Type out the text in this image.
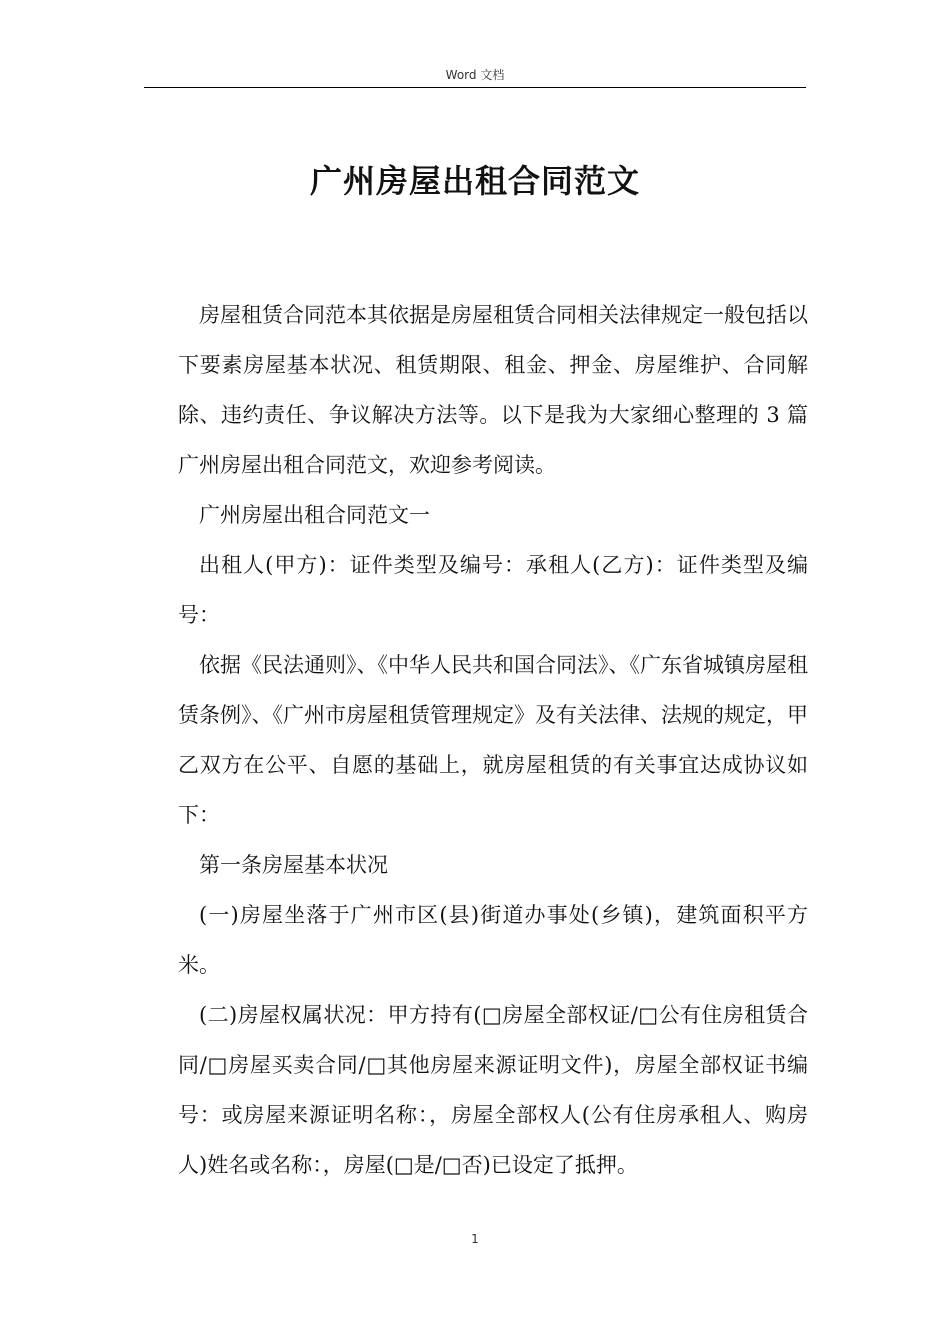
Word 文档
广州房屋出租合同范文

房屋租赁合同范本其依据是房屋租赁合同相关法律规定一般包括以下要素房屋基本状况、租赁期限、租金、押金、房屋维护、合同解除、违约责任、争议解决方法等。以下是我为大家细心整理的 3 篇广州房屋出租合同范文，欢迎参考阅读。

广州房屋出租合同范文一

出租人(甲方)：证件类型及编号：承租人(乙方)：证件类型及编号：

依据《民法通则》、《中华人民共和国合同法》、《广东省城镇房屋租赁条例》、《广州市房屋租赁管理规定》及有关法律、法规的规定，甲乙双方在公平、自愿的基础上，就房屋租赁的有关事宜达成协议如下：

第一条房屋基本状况

(一)房屋坐落于广州市区(县)街道办事处(乡镇)，建筑面积平方米。

(二)房屋权属状况：甲方持有(□房屋全部权证/□公有住房租赁合同/□房屋买卖合同/□其他房屋来源证明文件)，房屋全部权证书编号：或房屋来源证明名称：，房屋全部权人(公有住房承租人、购房人)姓名或名称：，房屋(□是/□否)已设定了抵押。

1
